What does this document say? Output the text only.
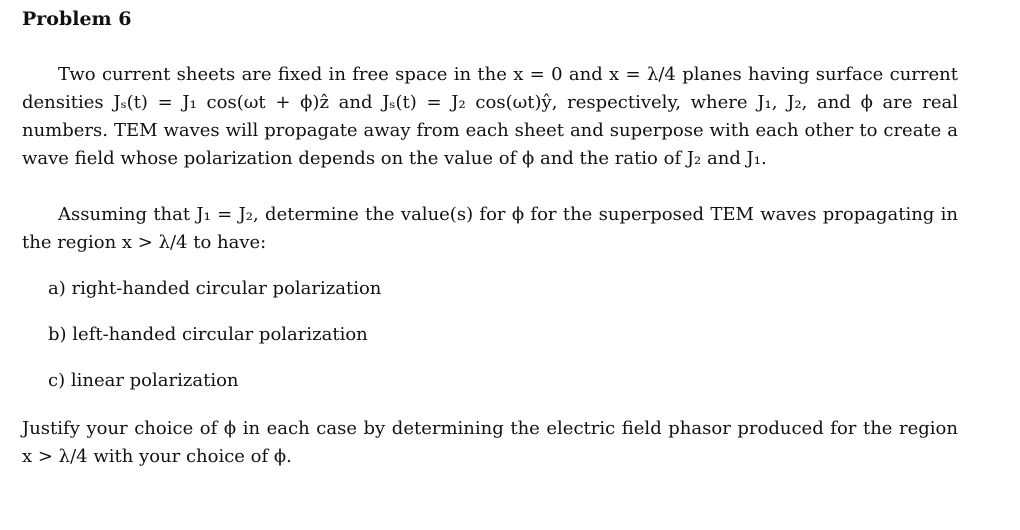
Problem 6

Two current sheets are fixed in free space in the x = 0 and x = λ/4 planes having surface current densities Jₛ(t) = J₁ cos(ωt + ϕ)ẑ and Jₛ(t) = J₂ cos(ωt)ŷ, respectively, where J₁, J₂, and ϕ are real numbers. TEM waves will propagate away from each sheet and superpose with each other to create a wave field whose polarization depends on the value of ϕ and the ratio of J₂ and J₁.

Assuming that J₁ = J₂, determine the value(s) for ϕ for the superposed TEM waves propagating in the region x > λ/4 to have:

a) right-handed circular polarization

b) left-handed circular polarization

c) linear polarization

Justify your choice of ϕ in each case by determining the electric field phasor produced for the region x > λ/4 with your choice of ϕ.
